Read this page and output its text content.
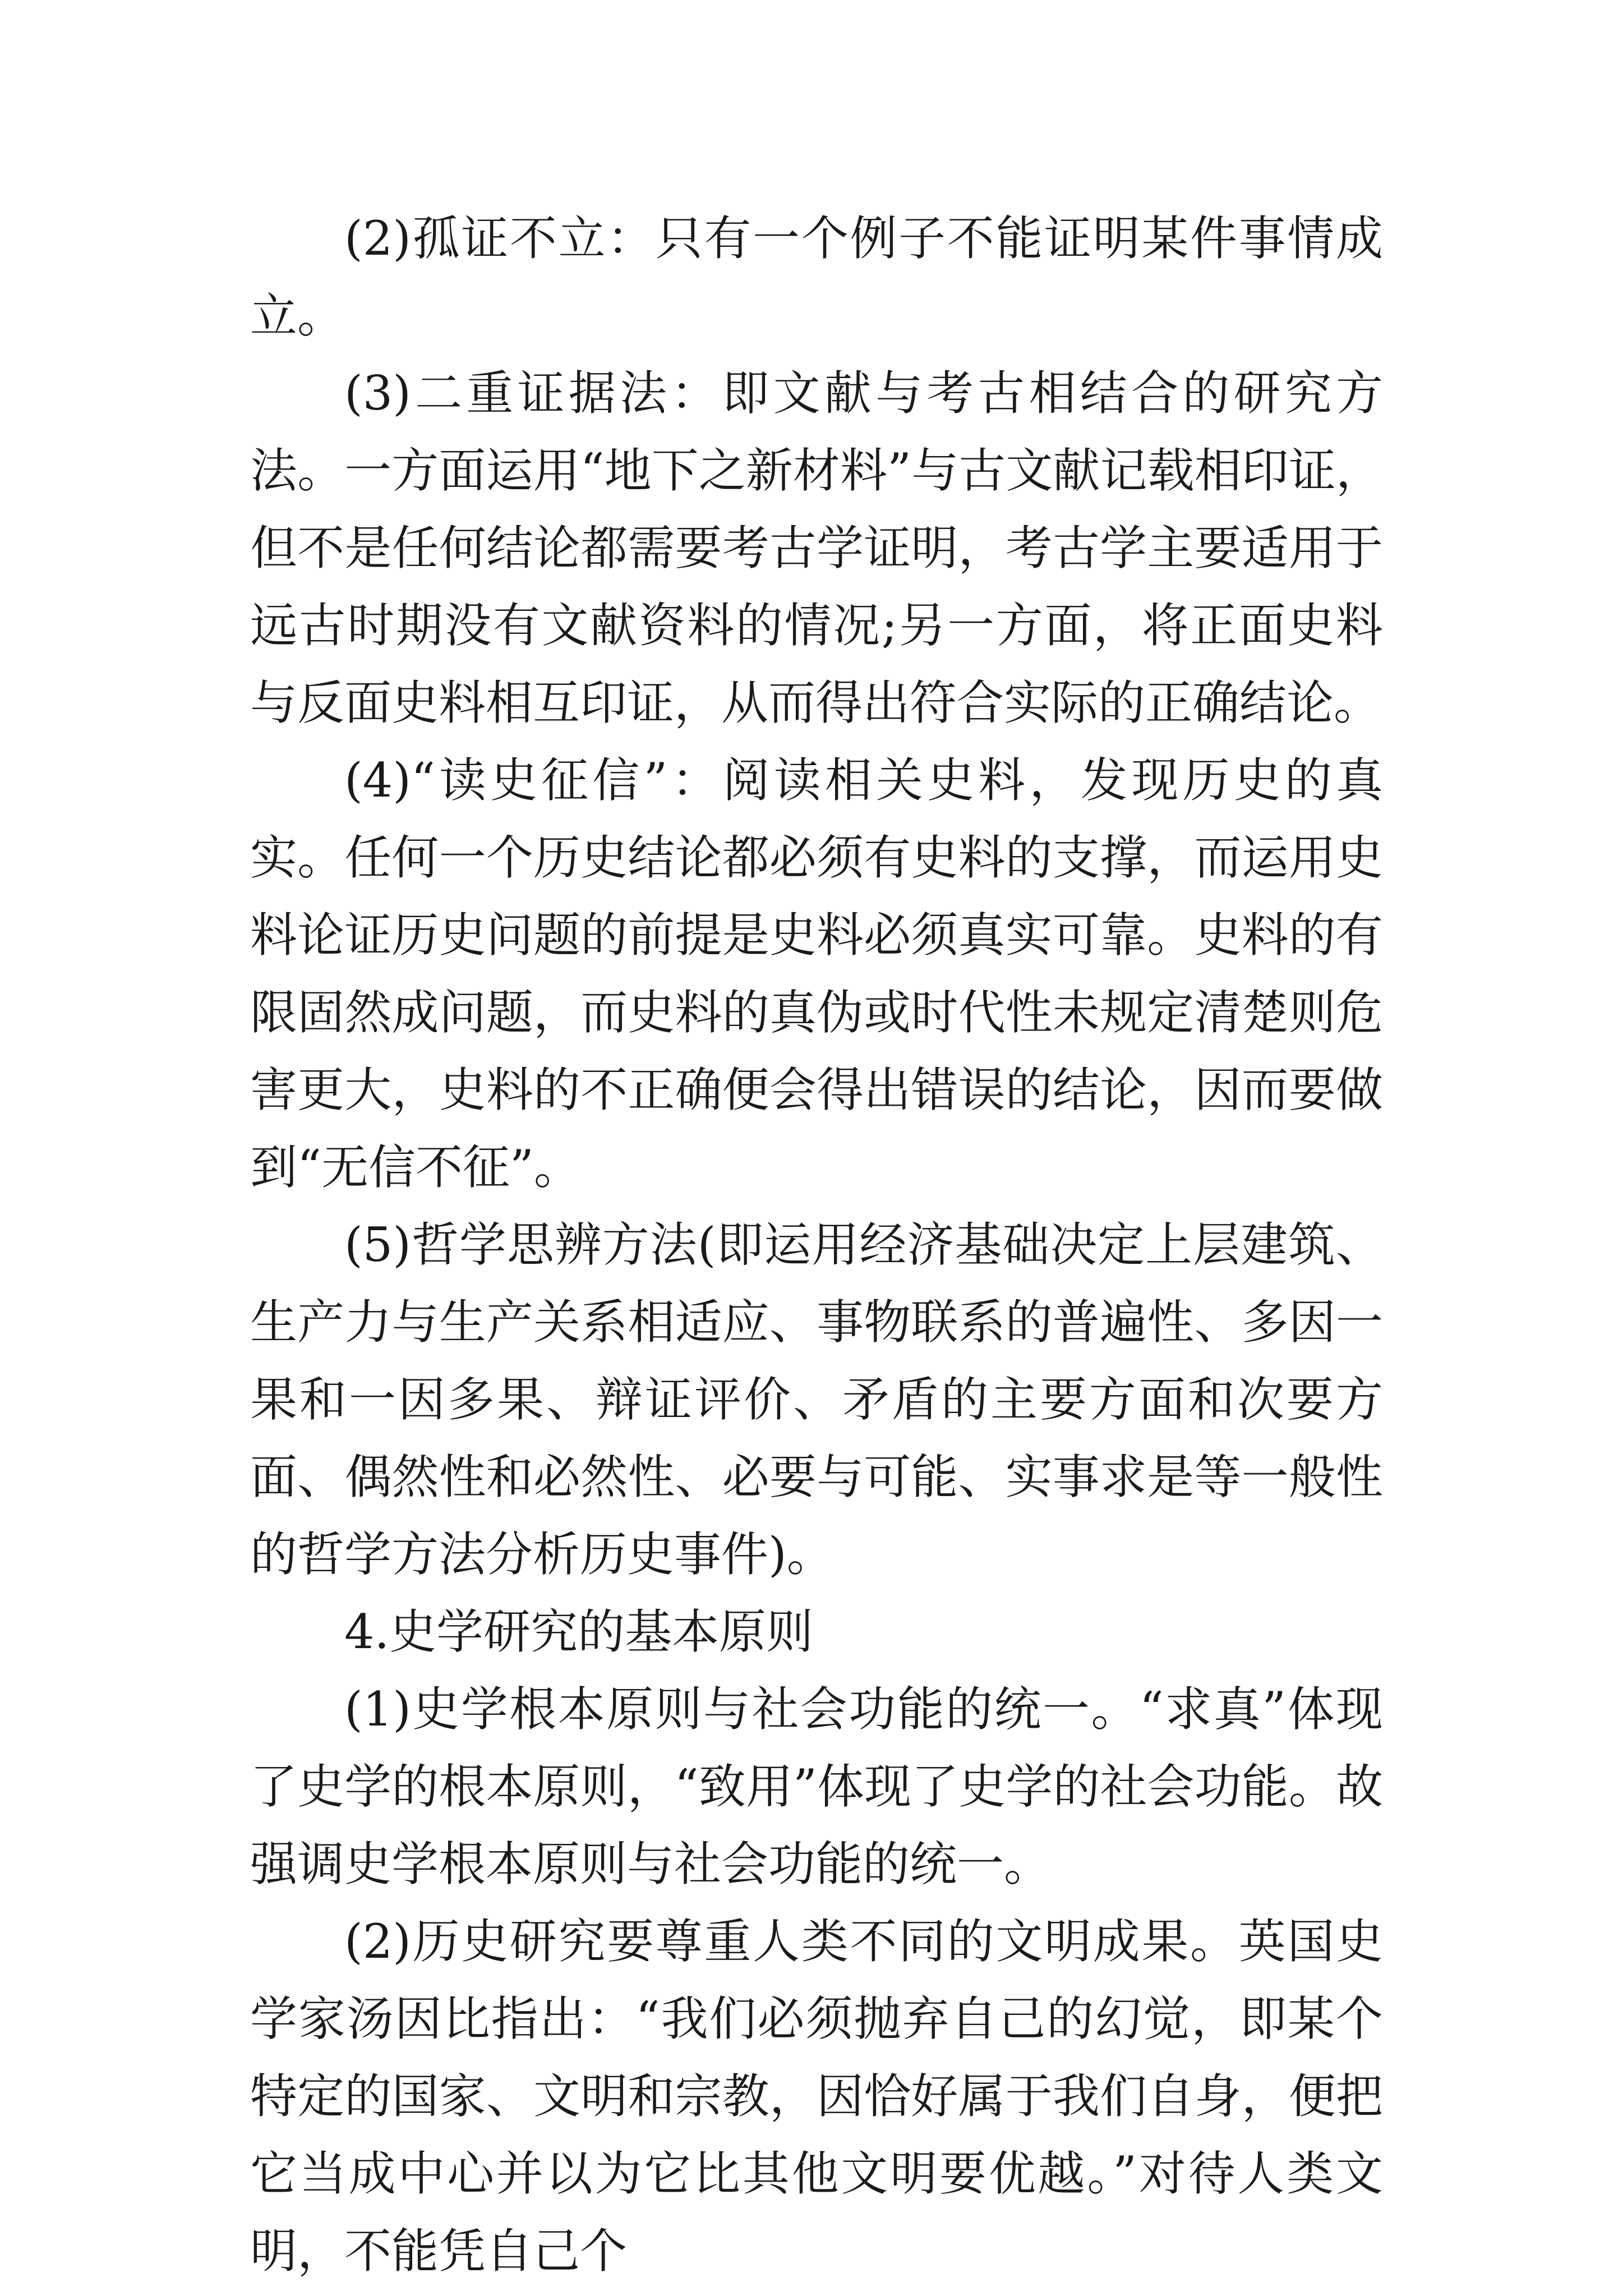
(2)孤证不立：只有一个例子不能证明某件事情成立。

(3)二重证据法：即文献与考古相结合的研究方法。一方面运用“地下之新材料”与古文献记载相印证，但不是任何结论都需要考古学证明，考古学主要适用于远古时期没有文献资料的情况;另一方面，将正面史料与反面史料相互印证，从而得出符合实际的正确结论。

(4)“读史征信”：阅读相关史料，发现历史的真实。任何一个历史结论都必须有史料的支撑，而运用史料论证历史问题的前提是史料必须真实可靠。史料的有限固然成问题，而史料的真伪或时代性未规定清楚则危害更大，史料的不正确便会得出错误的结论，因而要做到“无信不征”。

(5)哲学思辨方法(即运用经济基础决定上层建筑、生产力与生产关系相适应、事物联系的普遍性、多因一果和一因多果、辩证评价、矛盾的主要方面和次要方面、偶然性和必然性、必要与可能、实事求是等一般性的哲学方法分析历史事件)。

4.史学研究的基本原则

(1)史学根本原则与社会功能的统一。“求真”体现了史学的根本原则，“致用”体现了史学的社会功能。故强调史学根本原则与社会功能的统一。

(2)历史研究要尊重人类不同的文明成果。英国史学家汤因比指出：“我们必须抛弃自己的幻觉，即某个特定的国家、文明和宗教，因恰好属于我们自身，便把它当成中心并以为它比其他文明要优越。”对待人类文明，不能凭自己个
